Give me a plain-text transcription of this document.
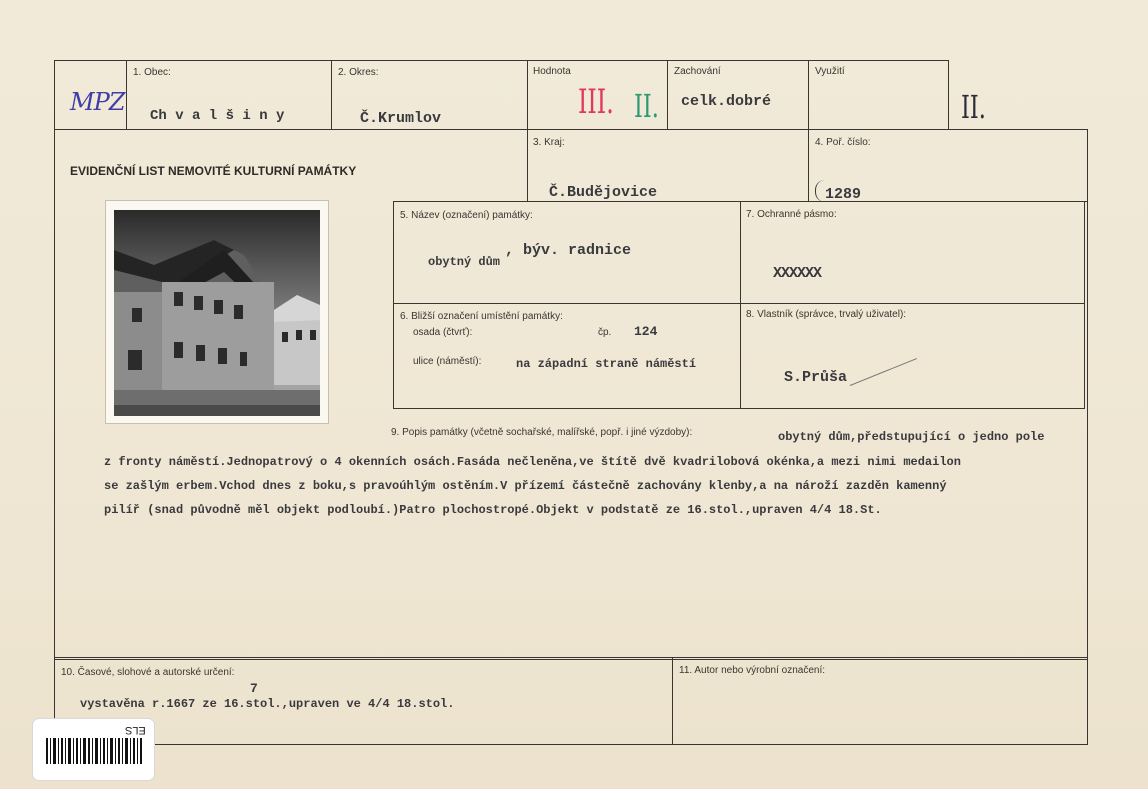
MPZ
1. Obec:
Ch v a l š i n y
2. Okres:
Č.Krumlov
Hodnota
III. II.
Zachování
celk.dobré
Využití
II.
EVIDENČNÍ LIST NEMOVITÉ KULTURNÍ PAMÁTKY
3. Kraj:
Č.Budějovice
4. Poř. číslo:
1289
5. Název (označení) památky:
obytný dům
, býv. radnice
7. Ochranné pásmo:
XXXXXX
6. Bližší označení umístění památky:
osada (čtvrť):	čp. 124
ulice (náměstí):	na západní straně náměstí
8. Vlastník (správce, trvalý uživatel):
S.Průša
9. Popis památky (včetně sochařské, malířské, popř. i jiné výzdoby):	obytný dům,předstupující o jedno pole
z fronty náměstí.Jednopatrový o 4 okenních osách.Fasáda nečleněna,ve štítě dvě kvadrilobová okénka,a mezi nimi medailon
se zašlým erbem.Vchod dnes z boku,s pravoúhlým ostěním.V přízemí částečně zachovány klenby,a na nároží zazděn kamenný
pilíř (snad původně měl objekt podloubí.)Patro plochostropé.Objekt v podstatě ze 16.stol.,upraven 4/4 18.St.
10. Časové, slohové a autorské určení:
vystavěna r.1667 ze 16.stol.,upraven ve 4/4 18.stol.
7
11. Autor nebo výrobní označení:
ELS
